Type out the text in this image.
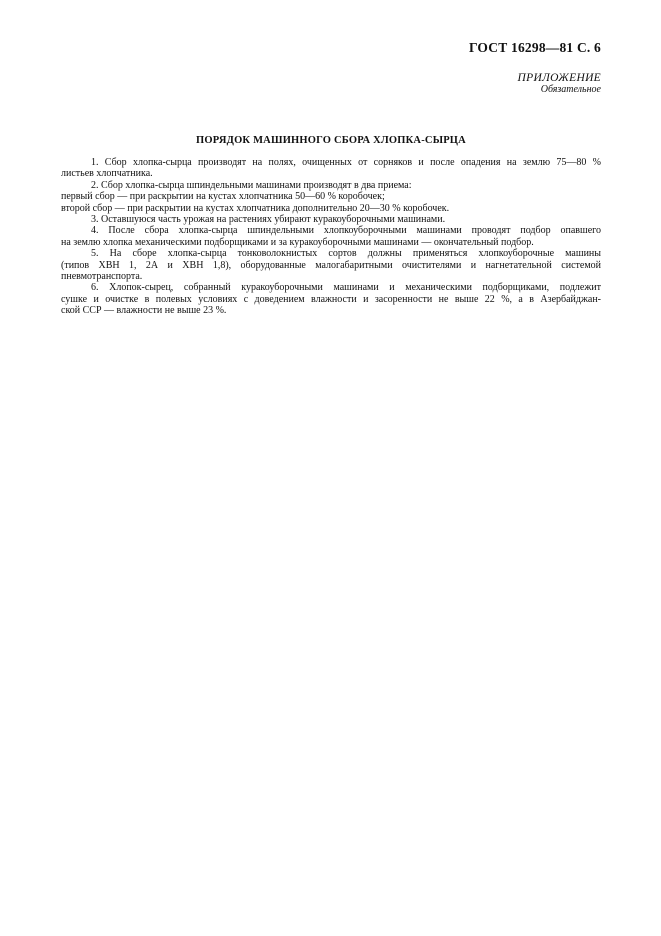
ГОСТ 16298—81 С. 6
ПРИЛОЖЕНИЕ
Обязательное
ПОРЯДОК МАШИННОГО СБОРА ХЛОПКА-СЫРЦА
1. Сбор хлопка-сырца производят на полях, очищенных от сорняков и после опадения на землю 75—80 %
листьев хлопчатника.
2. Сбор хлопка-сырца шпиндельными машинами производят в два приема:
первый сбор — при раскрытии на кустах хлопчатника 50—60 % коробочек;
второй сбор — при раскрытии на кустах хлопчатника дополнительно 20—30 % коробочек.
3. Оставшуюся часть урожая на растениях убирают куракоуборочными машинами.
4. После сбора хлопка-сырца шпиндельными хлопкоуборочными машинами проводят подбор опавшего
на землю хлопка механическими подборщиками и за куракоуборочными машинами — окончательный подбор.
5. На сборе хлопка-сырца тонковолокнистых сортов должны применяться хлопкоуборочные машины
(типов ХВН 1, 2А и ХВН 1,8), оборудованные малогабаритными очистителями и нагнетательной системой
пневмотранспорта.
6. Хлопок-сырец, собранный куракоуборочными машинами и механическими подборщиками, подлежит
сушке и очистке в полевых условиях с доведением влажности и засоренности не выше 22 %, а в Азербайджан-
ской ССР — влажности не выше 23 %.
